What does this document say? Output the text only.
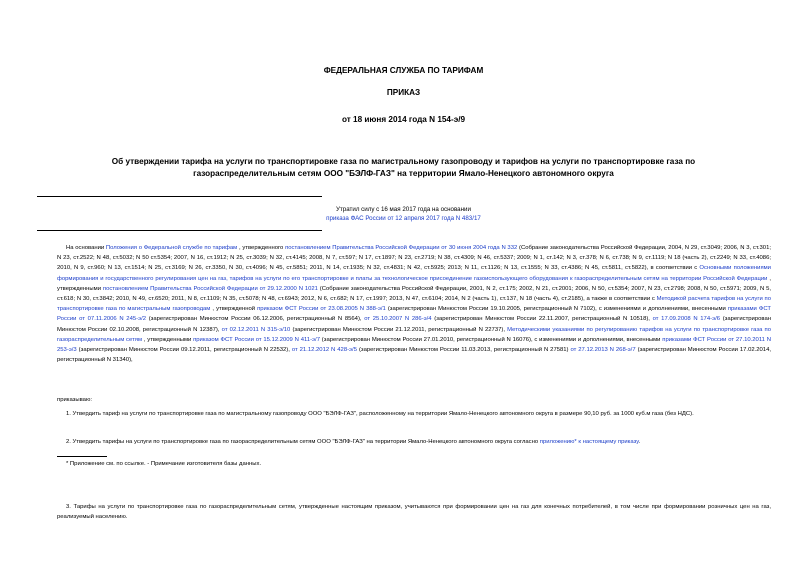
ФЕДЕРАЛЬНАЯ СЛУЖБА ПО ТАРИФАМ
ПРИКАЗ
от 18 июня 2014 года N 154-э/9
Об утверждении тарифа на услуги по транспортировке газа по магистральному газопроводу и тарифов на услуги по транспортировке газа по газораспределительным сетям ООО "БЭЛФ-ГАЗ" на территории Ямало-Ненецкого автономного округа
Утратил силу с 16 мая 2017 года на основании
приказа ФАС России от 12 апреля 2017 года N 483/17

На основании Положения о Федеральной службе по тарифам , утвержденного постановлением Правительства Российской Федерации от 30 июня 2004 года N 332 (Собрание законодательства Российской Федерации, 2004, N 29, ст.3049; 2006, N 3, ст.301; N 23, ст.2522; N 48, ст.5032; N 50 ст.5354; 2007, N 16, ст.1912; N 25, ст.3039; N 32, ст.4145; 2008, N 7, ст.597; N 17, ст.1897; N 23, ст.2719; N 38, ст.4309; N 46, ст.5337; 2009; N 1, ст.142; N 3, ст.378; N 6, ст.738; N 9, ст.1119; N 18 (часть 2), ст.2249; N 33, ст.4086; 2010, N 9, ст.960; N 13, ст.1514; N 25, ст.3169; N 26, ст.3350, N 30, ст.4096; N 45, ст.5851; 2011, N 14, ст.1935; N 32, ст.4831; N 42, ст.5925; 2013; N 11, ст.1126; N 13, ст.1555; N 33, ст.4386; N 45, ст.5811, ст.5822), в соответствии с Основными положениями формирования и государственного регулирования цен на газ, тарифов на услуги по его транспортировке и платы за технологическое присоединение газоиспользующего оборудования к газораспределительным сетям на территории Российской Федерации , утвержденными постановлением Правительства Российской Федерации от 29.12.2000 N 1021 (Собрание законодательства Российской Федерации, 2001, N 2, ст.175; 2002, N 21, ст.2001; 2006, N 50, ст.5354; 2007, N 23, ст.2798; 2008, N 50, ст.5971; 2009, N 5, ст.618; N 30, ст.3842; 2010, N 49, ст.6520; 2011, N 8, ст.1109; N 35, ст.5078; N 48, ст.6943; 2012, N 6, ст.682; N 17, ст.1997; 2013, N 47, ст.6104; 2014, N 2 (часть 1), ст.137, N 18 (часть 4), ст.2185), а также в соответствии с Методикой расчета тарифов на услуги по транспортировке газа по магистральным газопроводам , утвержденной приказом ФСТ России от 23.08.2005 N 388-э/1 (зарегистрирован Минюстом России 19.10.2005, регистрационный N 7102), с изменениями и дополнениями, внесенными приказами ФСТ России от 07.11.2006 N 245-э/2 (зарегистрирован Минюстом России 06.12.2006, регистрационный N 8564), от 25.10.2007 N 286-э/4 (зарегистрирован Минюстом России 22.11.2007, регистрационный N 10518), от 17.09.2008 N 174-э/6 (зарегистрирован Минюстом России 02.10.2008, регистрационный N 12387), от 02.12.2011 N 315-э/10 (зарегистрирован Минюстом России 21.12.2011, регистрационный N 22737), Методическими указаниями по регулированию тарифов на услуги по транспортировке газа по газораспределительным сетям , утвержденными приказом ФСТ России от 15.12.2009 N 411-э/7 (зарегистрирован Минюстом России 27.01.2010, регистрационный N 16076), с изменениями и дополнениями, внесенными приказами ФСТ России от 27.10.2011 N 253-э/3 (зарегистрирован Минюстом России 09.12.2011, регистрационный N 22532), от 21.12.2012 N 428-э/5 (зарегистрирован Минюстом России 11.03.2013, регистрационный N 27581) от 27.12.2013 N 268-э/7 (зарегистрирован Минюстом России 17.02.2014, регистрационный N 31340),

приказываю:

1. Утвердить тариф на услуги по транспортировке газа по магистральному газопроводу ООО "БЭЛФ-ГАЗ", расположенному на территории Ямало-Ненецкого автономного округа в размере 90,10 руб. за 1000 куб.м газа (без НДС).

2. Утвердить тарифы на услуги по транспортировке газа по газораспределительным сетям ООО "БЭЛФ-ГАЗ" на территории Ямало-Ненецкого автономного округа согласно приложению* к настоящему приказу.

* Приложение см. по ссылке. - Примечание изготовителя базы данных.

3. Тарифы на услуги по транспортировке газа по газораспределительным сетям, утвержденные настоящим приказом, учитываются при формировании цен на газ для конечных потребителей, в том числе при формировании розничных цен на газ, реализуемый населению.
